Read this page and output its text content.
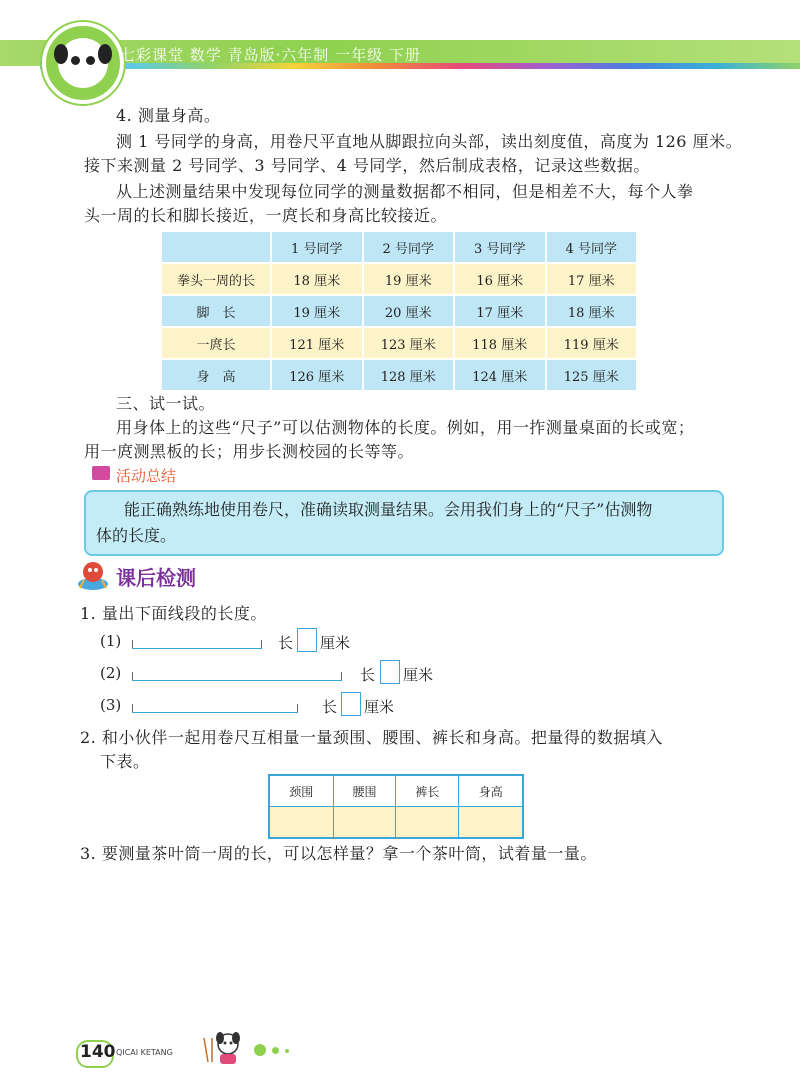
七彩课堂 数学 青岛版·六年制 一年级 下册
4. 测量身高。
测 1 号同学的身高，用卷尺平直地从脚跟拉向头部，读出刻度值，高度为 126 厘米。
接下来测量 2 号同学、3 号同学、4 号同学，然后制成表格，记录这些数据。
从上述测量结果中发现每位同学的测量数据都不相同，但是相差不大，每个人拳
头一周的长和脚长接近，一庹长和身高比较接近。
	1 号同学	2 号同学	3 号同学	4 号同学
拳头一周的长	18 厘米	19 厘米	16 厘米	17 厘米
脚　长	19 厘米	20 厘米	17 厘米	18 厘米
一庹长	121 厘米	123 厘米	118 厘米	119 厘米
身　高	126 厘米	128 厘米	124 厘米	125 厘米
三、试一试。
用身体上的这些“尺子”可以估测物体的长度。例如，用一拃测量桌面的长或宽；
用一庹测黑板的长；用步长测校园的长等等。
活动总结
能正确熟练地使用卷尺，准确读取测量结果。会用我们身上的“尺子”估测物
体的长度。
课后检测
1. 量出下面线段的长度。
(1)	长 厘米
(2)	长 厘米
(3)	长 厘米
2. 和小伙伴一起用卷尺互相量一量颈围、腰围、裤长和身高。把量得的数据填入
下表。
颈围	腰围	裤长	身高

3. 要测量茶叶筒一周的长，可以怎样量？拿一个茶叶筒，试着量一量。
140 QICAI KETANG
